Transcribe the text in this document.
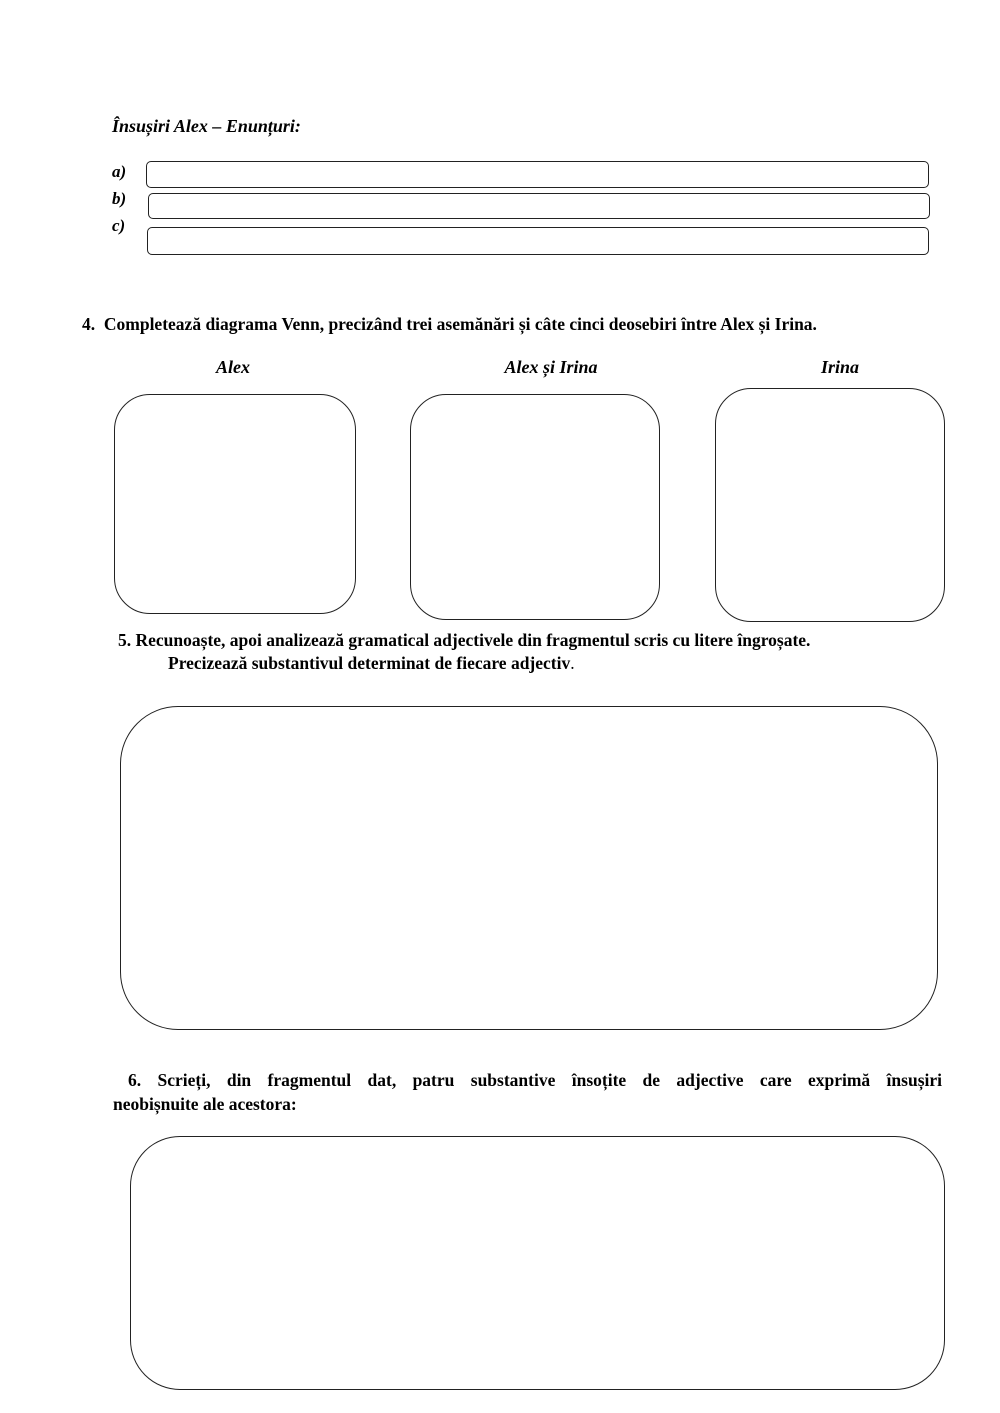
Însușiri Alex – Enunțuri:
a)
b)
c)
4. Completează diagrama Venn, precizând trei asemănări și câte cinci deosebiri între Alex și Irina.
Alex	Alex și Irina	Irina
5. Recunoaște, apoi analizează gramatical adjectivele din fragmentul scris cu litere îngroșate.
Precizează substantivul determinat de fiecare adjectiv.
6. Scrieți, din fragmentul dat, patru substantive însoțite de adjective care exprimă însușiri
neobișnuite ale acestora:
